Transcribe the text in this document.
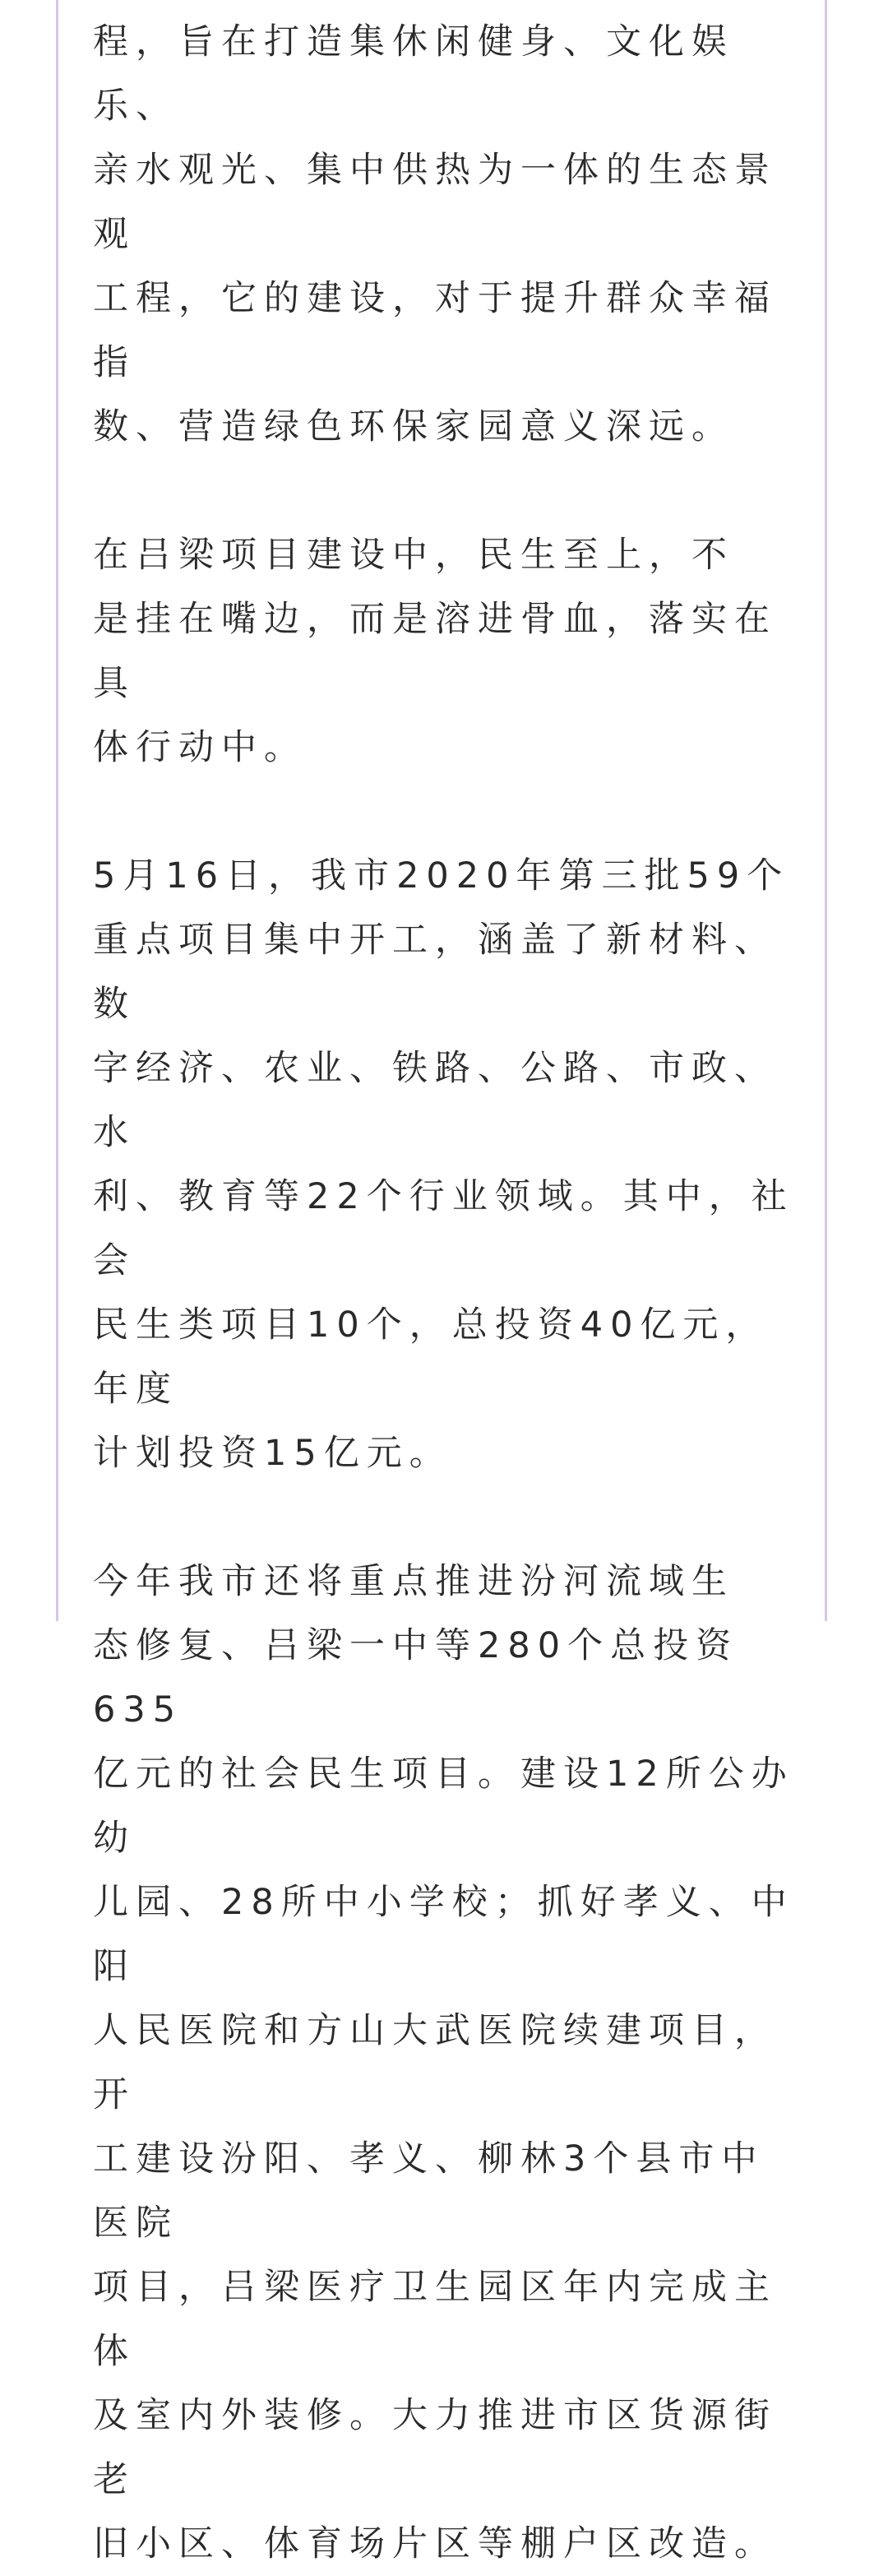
程，旨在打造集休闲健身、文化娱乐、
亲水观光、集中供热为一体的生态景观
工程，它的建设，对于提升群众幸福指
数、营造绿色环保家园意义深远。

在吕梁项目建设中，民生至上，不
是挂在嘴边，而是溶进骨血，落实在具
体行动中。

5月16日，我市2020年第三批59个
重点项目集中开工，涵盖了新材料、数
字经济、农业、铁路、公路、市政、水
利、教育等22个行业领域。其中，社会
民生类项目10个，总投资40亿元，年度
计划投资15亿元。

今年我市还将重点推进汾河流域生
态修复、吕梁一中等280个总投资635
亿元的社会民生项目。建设12所公办幼
儿园、28所中小学校；抓好孝义、中阳
人民医院和方山大武医院续建项目，开
工建设汾阳、孝义、柳林3个县市中医院
项目，吕梁医疗卫生园区年内完成主体
及室内外装修。大力推进市区货源街老
旧小区、体育场片区等棚户区改造。
